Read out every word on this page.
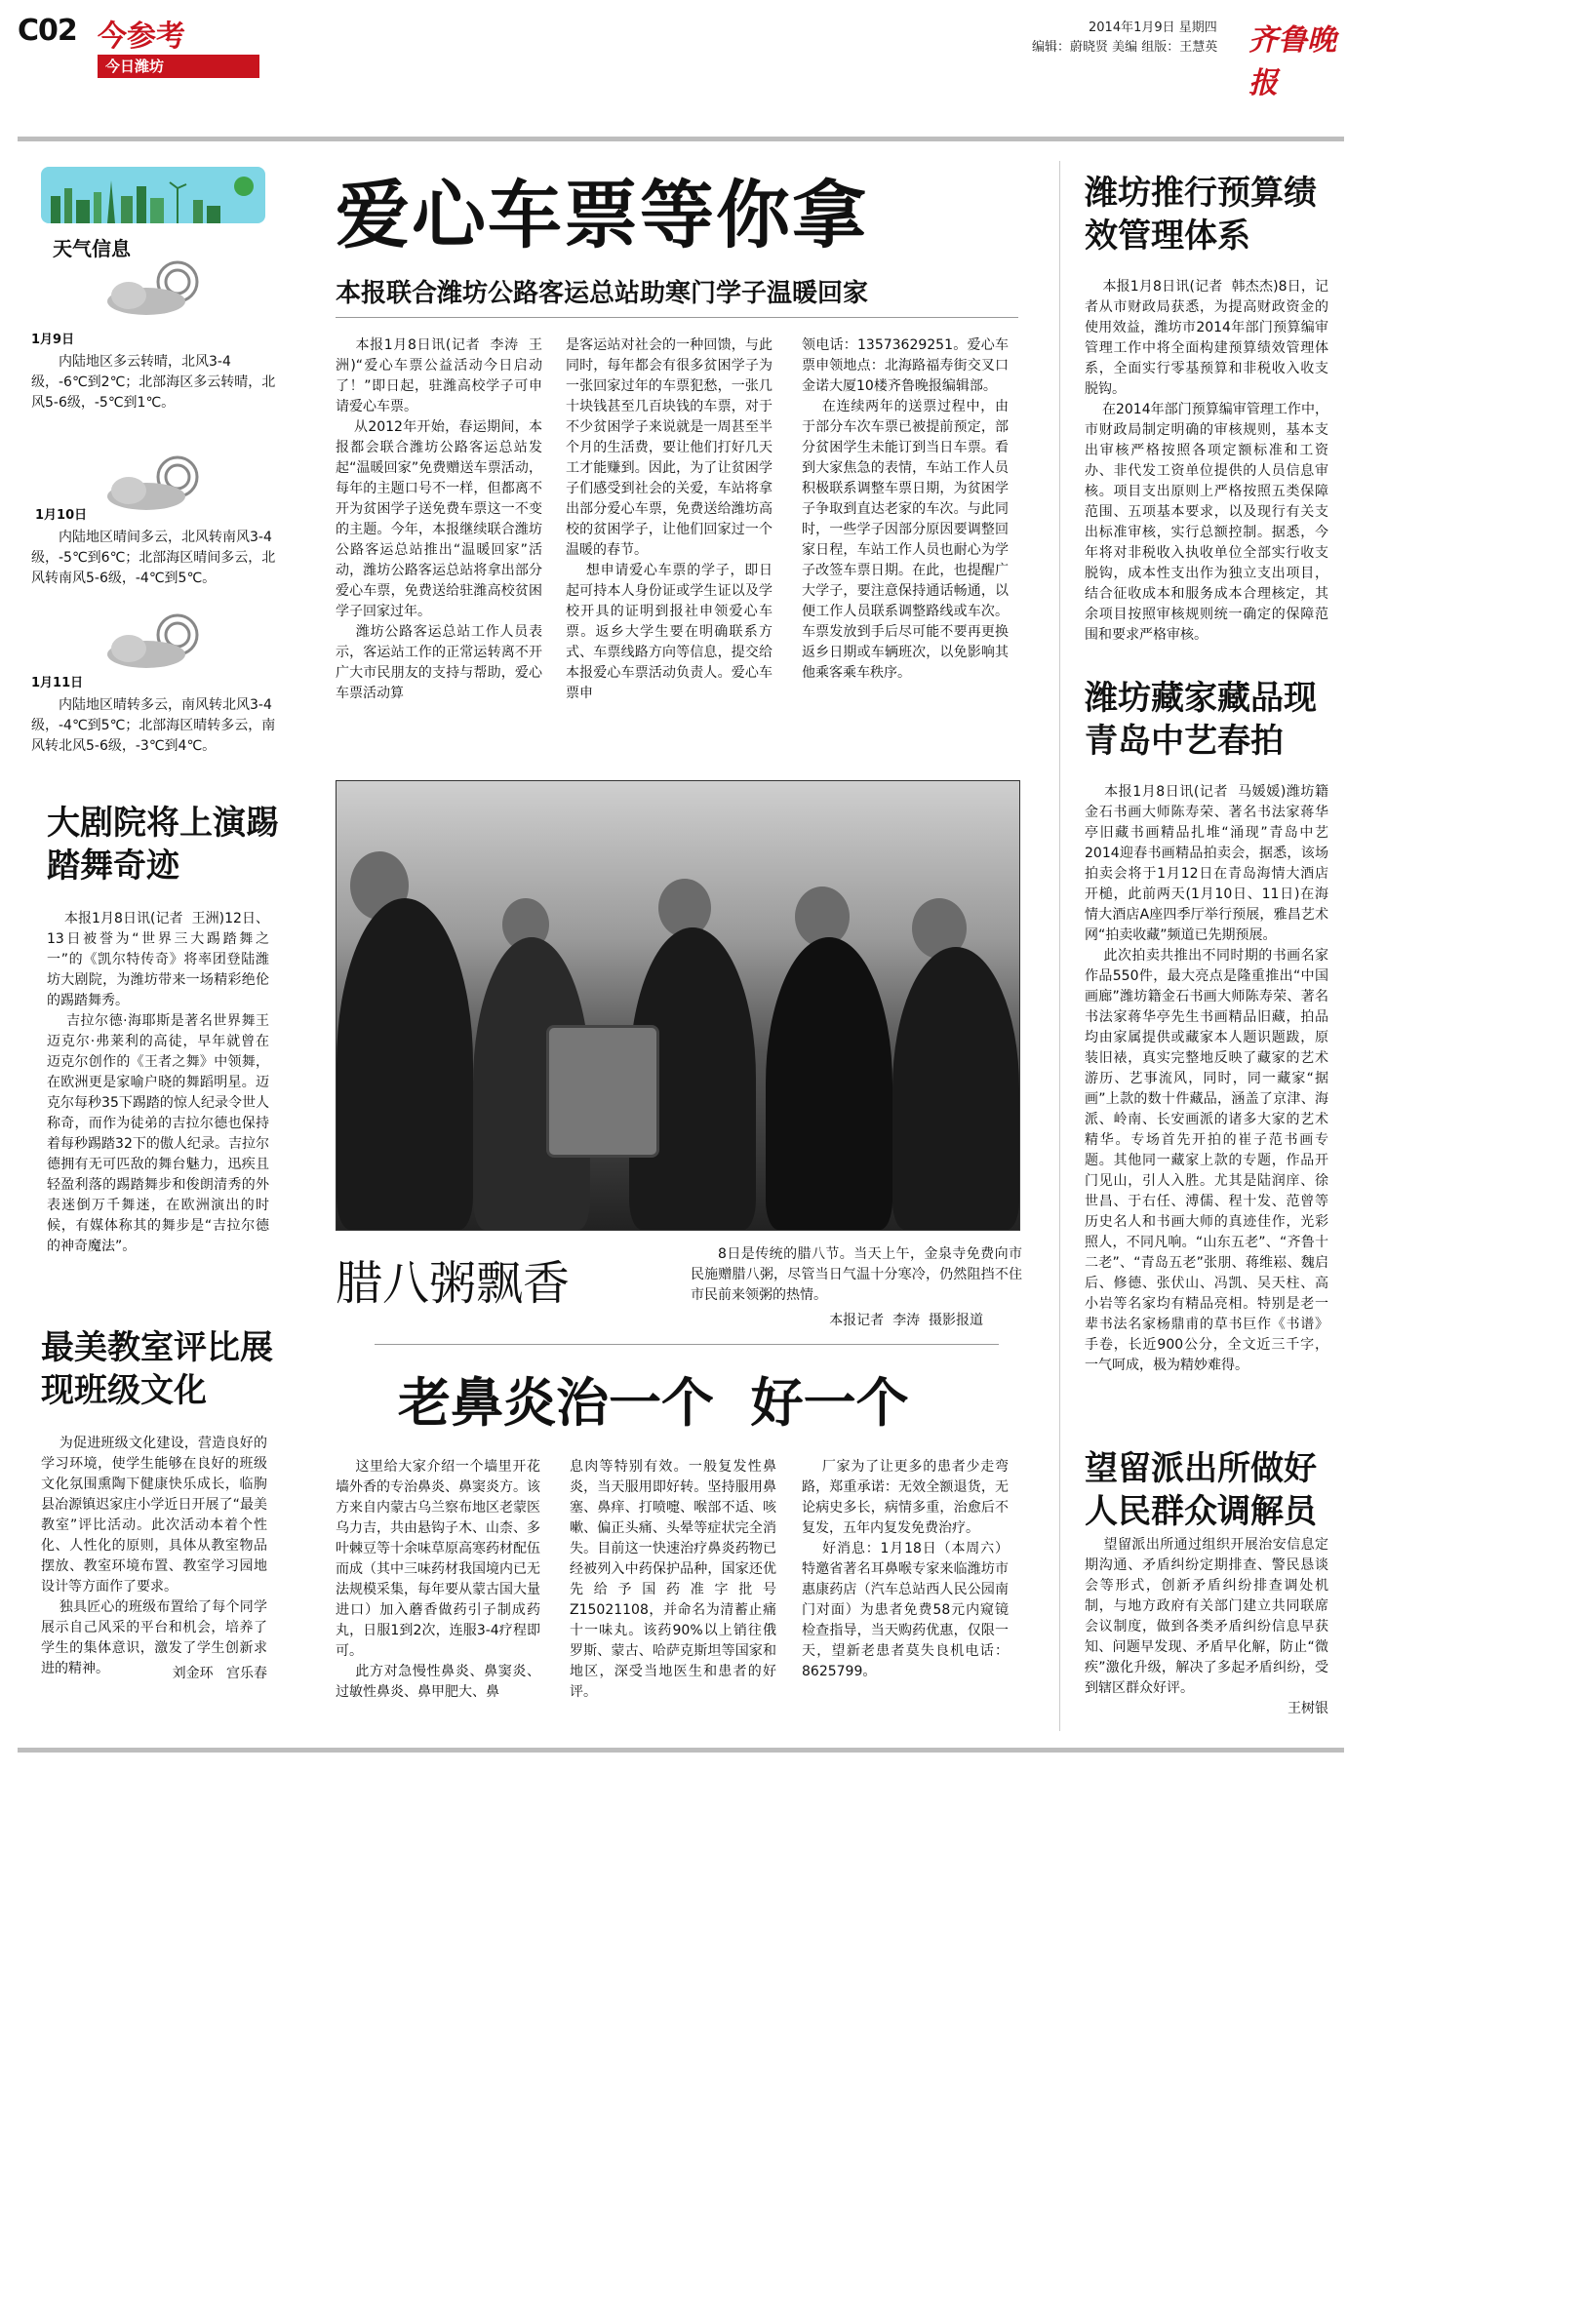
C02 今参考
今日潍坊
2014年1月9日 星期四
编辑：蔚晓贤 美编 组版：王慧英 齐鲁晚报
天气信息
1月9日

内陆地区多云转晴，北风3-4级，-6℃到2℃；北部海区多云转晴，北风5-6级，-5℃到1℃。

1月10日

内陆地区晴间多云，北风转南风3-4级，-5℃到6℃；北部海区晴间多云，北风转南风5-6级，-4℃到5℃。

1月11日

内陆地区晴转多云，南风转北风3-4级，-4℃到5℃；北部海区晴转多云，南风转北风5-6级，-3℃到4℃。

大剧院将上演踢踏舞奇迹

本报1月8日讯(记者  王洲)12日、13日被誉为“世界三大踢踏舞之一”的《凯尔特传奇》将率团登陆潍坊大剧院，为潍坊带来一场精彩绝伦的踢踏舞秀。
吉拉尔德·海耶斯是著名世界舞王迈克尔·弗莱利的高徒，早年就曾在迈克尔创作的《王者之舞》中领舞，在欧洲更是家喻户晓的舞蹈明星。迈克尔每秒35下踢踏的惊人纪录令世人称奇，而作为徒弟的吉拉尔德也保持着每秒踢踏32下的傲人纪录。吉拉尔德拥有无可匹敌的舞台魅力，迅疾且轻盈利落的踢踏舞步和俊朗清秀的外表迷倒万千舞迷，在欧洲演出的时候，有媒体称其的舞步是“吉拉尔德的神奇魔法”。

最美教室评比展现班级文化

为促进班级文化建设，营造良好的学习环境，使学生能够在良好的班级文化氛围熏陶下健康快乐成长，临朐县冶源镇迟家庄小学近日开展了“最美教室”评比活动。此次活动本着个性化、人性化的原则，具体从教室物品摆放、教室环境布置、教室学习园地设计等方面作了要求。
独具匠心的班级布置给了每个同学展示自己风采的平台和机会，培养了学生的集体意识，激发了学生创新求进的精神。	刘金环   宫乐春
爱心车票等你拿
本报联合潍坊公路客运总站助寒门学子温暖回家

本报1月8日讯(记者  李涛  王洲)“爱心车票公益活动今日启动了！”即日起，驻潍高校学子可申请爱心车票。
从2012年开始，春运期间，本报都会联合潍坊公路客运总站发起“温暖回家”免费赠送车票活动，每年的主题口号不一样，但都离不开为贫困学子送免费车票这一不变的主题。今年，本报继续联合潍坊公路客运总站推出“温暖回家”活动，潍坊公路客运总站将拿出部分爱心车票，免费送给驻潍高校贫困学子回家过年。
潍坊公路客运总站工作人员表示，客运站工作的正常运转离不开广大市民朋友的支持与帮助，爱心车票活动算

是客运站对社会的一种回馈，与此同时，每年都会有很多贫困学子为一张回家过年的车票犯愁，一张几十块钱甚至几百块钱的车票，对于不少贫困学子来说就是一周甚至半个月的生活费，要让他们打好几天工才能赚到。因此，为了让贫困学子们感受到社会的关爱，车站将拿出部分爱心车票，免费送给潍坊高校的贫困学子，让他们回家过一个温暖的春节。
想申请爱心车票的学子，即日起可持本人身份证或学生证以及学校开具的证明到报社申领爱心车票。返乡大学生要在明确联系方式、车票线路方向等信息，提交给本报爱心车票活动负责人。爱心车票申

领电话：13573629251。爱心车票申领地点：北海路福寿街交叉口金诺大厦10楼齐鲁晚报编辑部。
在连续两年的送票过程中，由于部分车次车票已被提前预定，部分贫困学生未能订到当日车票。看到大家焦急的表情，车站工作人员积极联系调整车票日期，为贫困学子争取到直达老家的车次。与此同时，一些学子因部分原因要调整回家日程，车站工作人员也耐心为学子改签车票日期。在此，也提醒广大学子，要注意保持通话畅通，以便工作人员联系调整路线或车次。车票发放到手后尽可能不要再更换返乡日期或车辆班次，以免影响其他乘客乘车秩序。

腊八粥飘香

8日是传统的腊八节。当天上午，金泉寺免费向市民施赠腊八粥，尽管当日气温十分寒冷，仍然阻挡不住市民前来领粥的热情。

本报记者  李涛  摄影报道
老鼻炎治一个  好一个

这里给大家介绍一个墙里开花墙外香的专治鼻炎、鼻窦炎方。该方来自内蒙古乌兰察布地区老蒙医乌力吉，共由悬钩子木、山柰、多叶棘豆等十余味草原高寒药材配伍而成（其中三味药材我国境内已无法规模采集，每年要从蒙古国大量进口）加入蘑香做药引子制成药丸，日服1到2次，连服3-4疗程即可。
此方对急慢性鼻炎、鼻窦炎、过敏性鼻炎、鼻甲肥大、鼻

息肉等特别有效。一般复发性鼻炎，当天服用即好转。坚持服用鼻塞、鼻痒、打喷嚏、喉部不适、咳嗽、偏正头痛、头晕等症状完全消失。目前这一快速治疗鼻炎药物已经被列入中药保护品种，国家还优先给予国药准字批号Z15021108，并命名为清蓄止痛十一味丸。该药90%以上销往俄罗斯、蒙古、哈萨克斯坦等国家和地区，深受当地医生和患者的好评。

厂家为了让更多的患者少走弯路，郑重承诺：无效全额退货，无论病史多长，病情多重，治愈后不复发，五年内复发免费治疗。
好消息：1月18日（本周六）特邀省著名耳鼻喉专家来临潍坊市惠康药店（汽车总站西人民公园南门对面）为患者免费58元内窥镜检查指导，当天购药优惠，仅限一天，望新老患者莫失良机电话：8625799。

潍坊推行预算绩效管理体系

本报1月8日讯(记者  韩杰杰)8日，记者从市财政局获悉，为提高财政资金的使用效益，潍坊市2014年部门预算编审管理工作中将全面构建预算绩效管理体系，全面实行零基预算和非税收入收支脱钩。
在2014年部门预算编审管理工作中，市财政局制定明确的审核规则，基本支出审核严格按照各项定额标准和工资办、非代发工资单位提供的人员信息审核。项目支出原则上严格按照五类保障范围、五项基本要求，以及现行有关支出标准审核，实行总额控制。据悉，今年将对非税收入执收单位全部实行收支脱钩，成本性支出作为独立支出项目，结合征收成本和服务成本合理核定，其余项目按照审核规则统一确定的保障范围和要求严格审核。

潍坊藏家藏品现青岛中艺春拍

本报1月8日讯(记者  马媛媛)潍坊籍金石书画大师陈寿荣、著名书法家蒋华亭旧藏书画精品扎堆“涌现”青岛中艺2014迎春书画精品拍卖会，据悉，该场拍卖会将于1月12日在青岛海情大酒店开槌，此前两天(1月10日、11日)在海情大酒店A座四季厅举行预展，雅昌艺术网“拍卖收藏”频道已先期预展。
此次拍卖共推出不同时期的书画名家作品550件，最大亮点是隆重推出“中国画廊”潍坊籍金石书画大师陈寿荣、著名书法家蒋华亭先生书画精品旧藏，拍品均由家属提供或藏家本人题识题跋，原装旧裱，真实完整地反映了藏家的艺术游历、艺事流风，同时，同一藏家“据画”上款的数十件藏品，涵盖了京津、海派、岭南、长安画派的诸多大家的艺术精华。专场首先开拍的崔子范书画专题。其他同一藏家上款的专题，作品开门见山，引人入胜。尤其是陆润庠、徐世昌、于右任、溥儒、程十发、范曾等历史名人和书画大师的真迹佳作，光彩照人，不同凡响。“山东五老”、“齐鲁十二老”、“青岛五老”张朋、蒋维崧、魏启后、修德、张伏山、冯凯、吴天柱、高小岩等名家均有精品亮相。特别是老一辈书法名家杨鼎甫的草书巨作《书谱》手卷，长近900公分，全文近三千字，一气呵成，极为精妙难得。

望留派出所做好人民群众调解员

望留派出所通过组织开展治安信息定期沟通、矛盾纠纷定期排查、警民恳谈会等形式，创新矛盾纠纷排查调处机制，与地方政府有关部门建立共同联席会议制度，做到各类矛盾纠纷信息早获知、问题早发现、矛盾早化解，防止“微疾”激化升级，解决了多起矛盾纠纷，受到辖区群众好评。

王树银
